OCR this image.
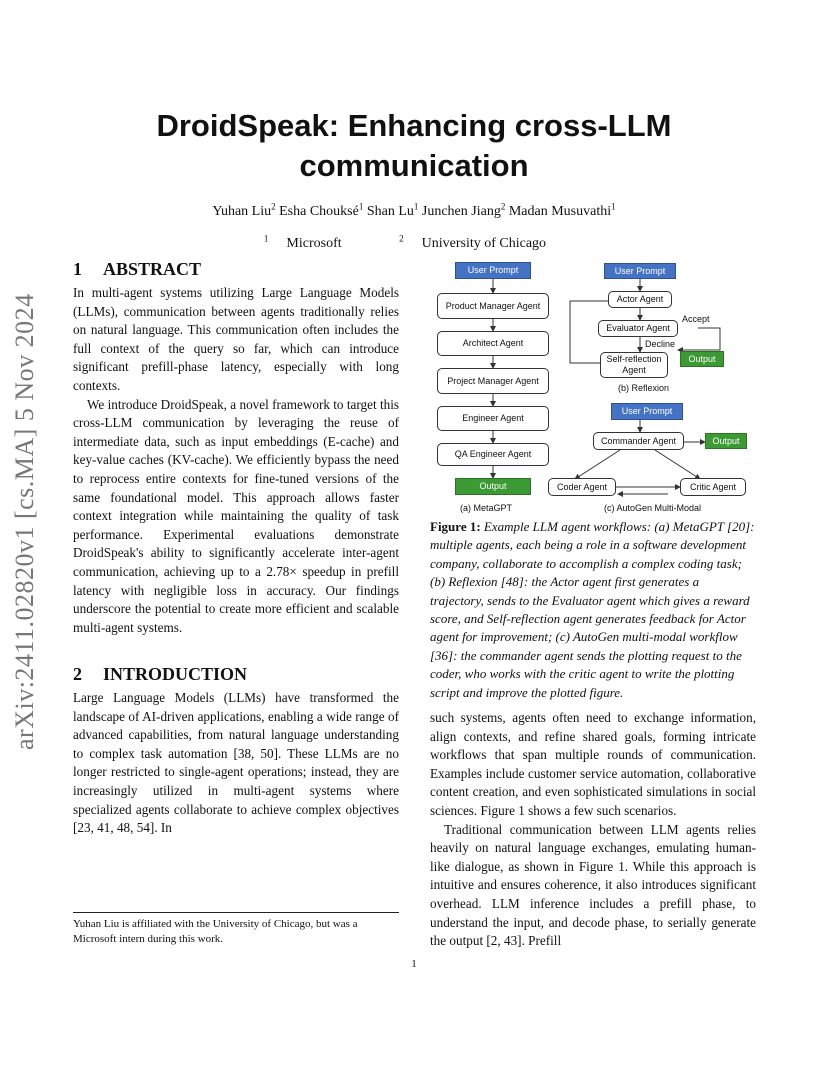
arXiv:2411.02820v1 [cs.MA] 5 Nov 2024
DroidSpeak: Enhancing cross-LLM
communication
Yuhan Liu$^2$ Esha Chouksé$^1$ Shan Lu$^1$ Junchen Jiang$^2$ Madan Musuvathi$^1$
$^1$ Microsoft	$^2$ University of Chicago
1 ABSTRACT

In multi-agent systems utilizing Large Language Models (LLMs), communication between agents traditionally relies on natural language. This communication often includes the full context of the query so far, which can introduce significant prefill-phase latency, especially with long contexts.

We introduce DroidSpeak, a novel framework to target this cross-LLM communication by leveraging the reuse of intermediate data, such as input embeddings (E-cache) and key-value caches (KV-cache). We efficiently bypass the need to reprocess entire contexts for fine-tuned versions of the same foundational model. This approach allows faster context integration while maintaining the quality of task performance. Experimental evaluations demonstrate DroidSpeak's ability to significantly accelerate inter-agent communication, achieving up to a 2.78× speedup in prefill latency with negligible loss in accuracy. Our findings underscore the potential to create more efficient and scalable multi-agent systems.

2 INTRODUCTION

Large Language Models (LLMs) have transformed the landscape of AI-driven applications, enabling a wide range of advanced capabilities, from natural language understanding to complex task automation [38, 50]. These LLMs are no longer restricted to single-agent operations; instead, they are increasingly utilized in multi-agent systems where specialized agents collaborate to achieve complex objectives [23, 41, 48, 54]. In

User Prompt
Product Manager Agent
Architect Agent
Project Manager Agent
Engineer Agent
QA Engineer Agent
Output
(a) MetaGPT
User Prompt
Actor Agent
Evaluator Agent
Self-reflection Agent
Output
Accept
Decline
(b) Reflexion
User Prompt
Commander Agent	Output
Coder Agent	Critic Agent
(c) AutoGen Multi-Modal
Figure 1: Example LLM agent workflows: (a) MetaGPT [20]: multiple agents, each being a role in a software development company, collaborate to accomplish a complex coding task; (b) Reflexion [48]: the Actor agent first generates a trajectory, sends to the Evaluator agent which gives a reward score, and Self-reflection agent generates feedback for Actor agent for improvement; (c) AutoGen multi-modal workflow [36]: the commander agent sends the plotting request to the coder, who works with the critic agent to write the plotting script and improve the plotted figure.

such systems, agents often need to exchange information, align contexts, and refine shared goals, forming intricate workflows that span multiple rounds of communication. Examples include customer service automation, collaborative content creation, and even sophisticated simulations in social sciences. Figure 1 shows a few such scenarios.

Traditional communication between LLM agents relies heavily on natural language exchanges, emulating human-like dialogue, as shown in Figure 1. While this approach is intuitive and ensures coherence, it also introduces significant overhead. LLM inference includes a prefill phase, to understand the input, and decode phase, to serially generate the output [2, 43]. Prefill

Yuhan Liu is affiliated with the University of Chicago, but was a Microsoft intern during this work.
1
